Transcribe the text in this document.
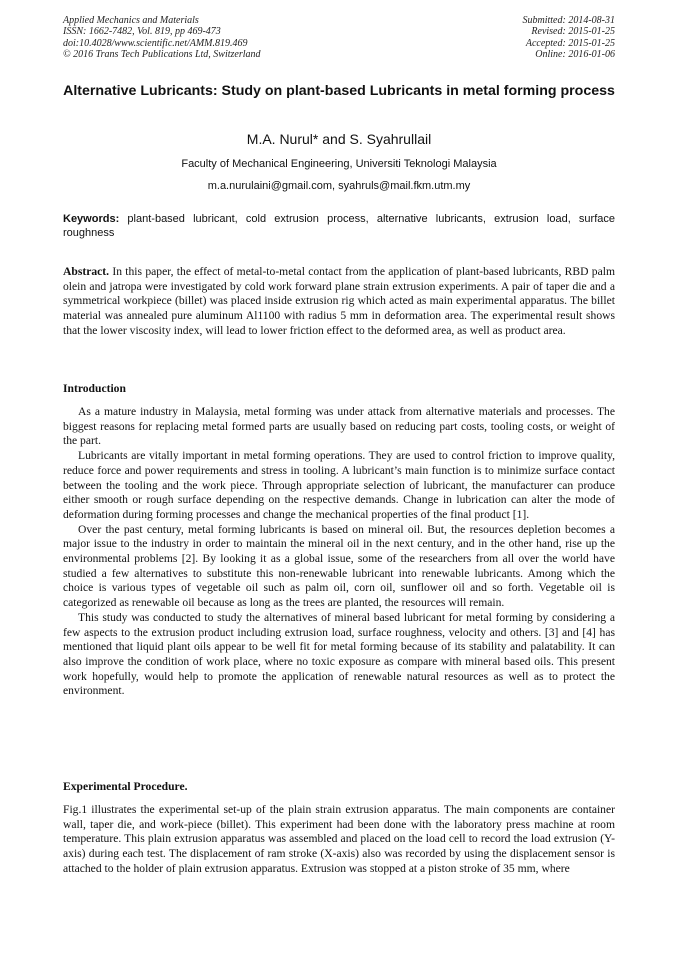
Applied Mechanics and Materials
ISSN: 1662-7482, Vol. 819, pp 469-473
doi:10.4028/www.scientific.net/AMM.819.469
© 2016 Trans Tech Publications Ltd, Switzerland
Submitted: 2014-08-31
Revised: 2015-01-25
Accepted: 2015-01-25
Online: 2016-01-06
Alternative Lubricants: Study on plant-based Lubricants in metal forming process
M.A. Nurul* and S. Syahrullail
Faculty of Mechanical Engineering, Universiti Teknologi Malaysia
m.a.nurulaini@gmail.com, syahruls@mail.fkm.utm.my
Keywords: plant-based lubricant, cold extrusion process, alternative lubricants, extrusion load, surface roughness

Abstract. In this paper, the effect of metal-to-metal contact from the application of plant-based lubricants, RBD palm olein and jatropa were investigated by cold work forward plane strain extrusion experiments. A pair of taper die and a symmetrical workpiece (billet) was placed inside extrusion rig which acted as main experimental apparatus. The billet material was annealed pure aluminum Al1100 with radius 5 mm in deformation area. The experimental result shows that the lower viscosity index, will lead to lower friction effect to the deformed area, as well as product area.

Introduction

As a mature industry in Malaysia, metal forming was under attack from alternative materials and processes. The biggest reasons for replacing metal formed parts are usually based on reducing part costs, tooling costs, or weight of the part.

Lubricants are vitally important in metal forming operations. They are used to control friction to improve quality, reduce force and power requirements and stress in tooling. A lubricant’s main function is to minimize surface contact between the tooling and the work piece. Through appropriate selection of lubricant, the manufacturer can produce either smooth or rough surface depending on the respective demands. Change in lubrication can alter the mode of deformation during forming processes and change the mechanical properties of the final product [1].

Over the past century, metal forming lubricants is based on mineral oil. But, the resources depletion becomes a major issue to the industry in order to maintain the mineral oil in the next century, and in the other hand, rise up the environmental problems [2]. By looking it as a global issue, some of the researchers from all over the world have studied a few alternatives to substitute this non-renewable lubricant into renewable lubricants. Among which the choice is various types of vegetable oil such as palm oil, corn oil, sunflower oil and so forth. Vegetable oil is categorized as renewable oil because as long as the trees are planted, the resources will remain.

This study was conducted to study the alternatives of mineral based lubricant for metal forming by considering a few aspects to the extrusion product including extrusion load, surface roughness, velocity and others. [3] and [4] has mentioned that liquid plant oils appear to be well fit for metal forming because of its stability and palatability. It can also improve the condition of work place, where no toxic exposure as compare with mineral based oils. This present work hopefully, would help to promote the application of renewable natural resources as well as to protect the environment.

Experimental Procedure.

Fig.1 illustrates the experimental set-up of the plain strain extrusion apparatus. The main components are container wall, taper die, and work-piece (billet). This experiment had been done with the laboratory press machine at room temperature. This plain extrusion apparatus was assembled and placed on the load cell to record the load extrusion (Y-axis) during each test. The displacement of ram stroke (X-axis) also was recorded by using the displacement sensor is attached to the holder of plain extrusion apparatus. Extrusion was stopped at a piston stroke of 35 mm, where
